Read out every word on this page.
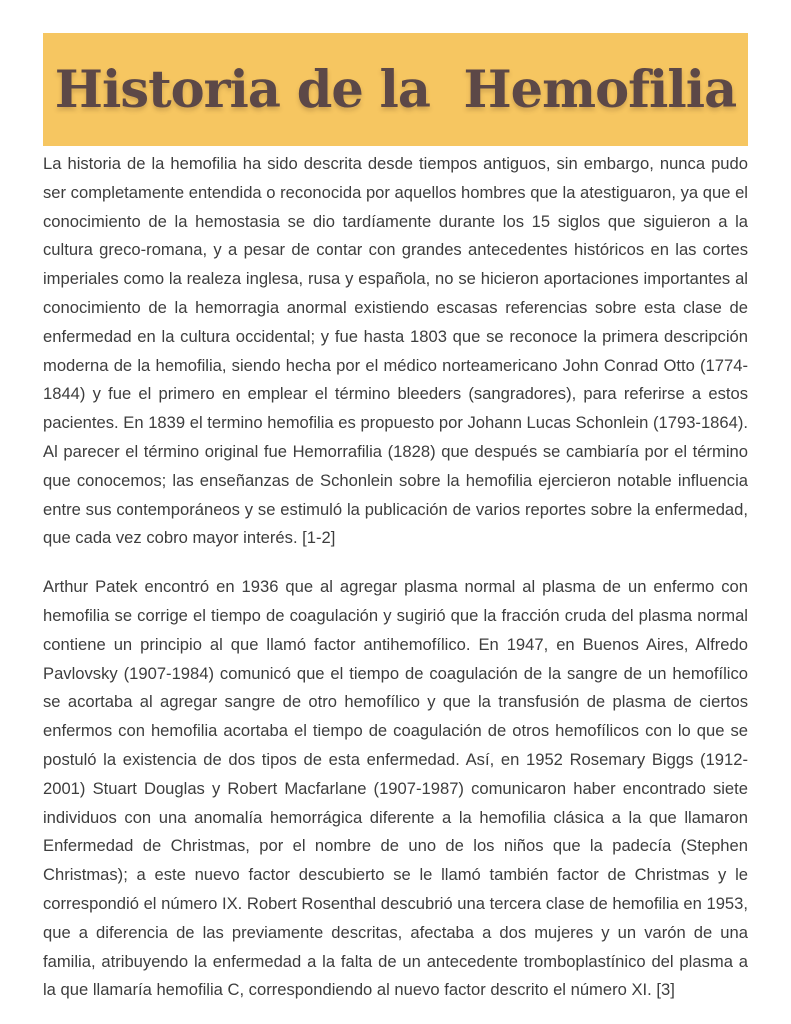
Historia de la  Hemofilia

La historia de la hemofilia ha sido descrita desde tiempos antiguos, sin embargo, nunca pudo ser completamente entendida o reconocida por aquellos hombres que la atestiguaron, ya que el conocimiento de la hemostasia se dio tardíamente durante los 15 siglos que siguieron a la cultura greco-romana, y a pesar de contar con grandes antecedentes históricos en las cortes imperiales como la realeza inglesa, rusa y española, no se hicieron aportaciones importantes al conocimiento de la hemorragia anormal existiendo escasas referencias sobre esta clase de enfermedad en la cultura occidental; y fue hasta 1803 que se reconoce la primera descripción moderna de la hemofilia, siendo hecha por el médico norteamericano John Conrad Otto (1774-1844) y fue el primero en emplear el término bleeders (sangradores), para referirse a estos pacientes. En 1839 el termino hemofilia es propuesto por Johann Lucas Schonlein (1793-1864). Al parecer el término original fue Hemorrafilia (1828) que después se cambiaría por el término que conocemos; las enseñanzas de Schonlein sobre la hemofilia ejercieron notable influencia entre sus contemporáneos y se estimuló la publicación de varios reportes sobre la enfermedad, que cada vez cobro mayor interés. [1-2]

Arthur Patek encontró en 1936 que al agregar plasma normal al plasma de un enfermo con hemofilia se corrige el tiempo de coagulación y sugirió que la fracción cruda del plasma normal contiene un principio al que llamó factor antihemofílico. En 1947, en Buenos Aires, Alfredo Pavlovsky (1907-1984) comunicó que el tiempo de coagulación de la sangre de un hemofílico se acortaba al agregar sangre de otro hemofílico y que la transfusión de plasma de ciertos enfermos con hemofilia acortaba el tiempo de coagulación de otros hemofílicos con lo que se postuló la existencia de dos tipos de esta enfermedad. Así, en 1952 Rosemary Biggs (1912-2001) Stuart Douglas y Robert Macfarlane (1907-1987) comunicaron haber encontrado siete individuos con una anomalía hemorrágica diferente a la hemofilia clásica a la que llamaron Enfermedad de Christmas, por el nombre de uno de los niños que la padecía (Stephen Christmas); a este nuevo factor descubierto se le llamó también factor de Christmas y le correspondió el número IX. Robert Rosenthal descubrió una tercera clase de hemofilia en 1953, que a diferencia de las previamente descritas, afectaba a dos mujeres y un varón de una familia, atribuyendo la enfermedad a la falta de un antecedente tromboplastínico del plasma a la que llamaría hemofilia C, correspondiendo al nuevo factor descrito el número XI. [3]
